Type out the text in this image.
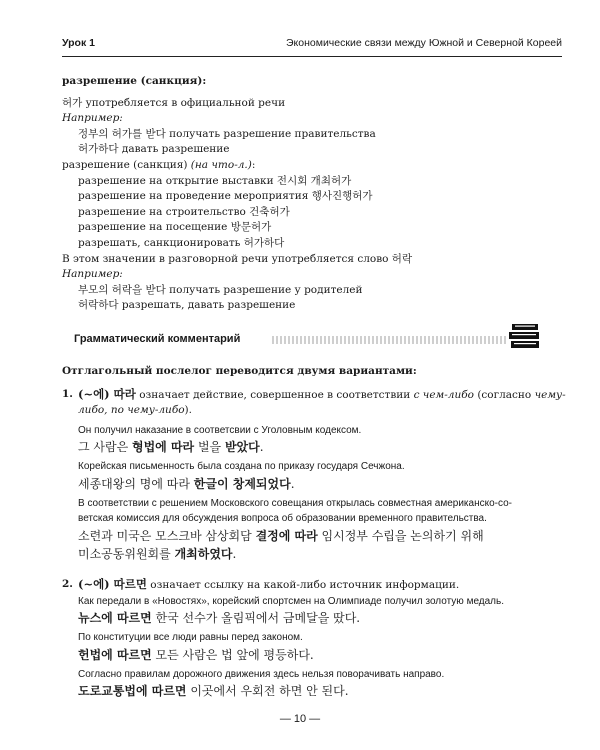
Урок 1	Экономические связи между Южной и Северной Кореей
разрешение (санкция):
허가 употребляется в официальной речи
Например:
정부의 허가를 받다 получать разрешение правительства
허가하다 давать разрешение
разрешение (санкция) (на что-л.):
разрешение на открытие выставки 전시회 개최허가
разрешение на проведение мероприятия 행사진행허가
разрешение на строительство 건축허가
разрешение на посещение 방문허가
разрешать, санкционировать 허가하다
В этом значении в разговорной речи употребляется слово 허락
Например:
부모의 허락을 받다 получать разрешение у родителей
허락하다 разрешать, давать разрешение
Грамматический комментарий
Отглагольный послелог переводится двумя вариантами:
1. (~에) 따라 означает действие, совершенное в соответствии с чем-либо (согласно чему-
либо, по чему-либо).
Он получил наказание в соответсвии с Уголовным кодексом.
그 사람은 형법에 따라 벌을 받았다.
Корейская письменность была создана по приказу государя Сечжона.
세종대왕의 명에 따라 한글이 창제되었다.
В соответствии с решением Московского совещания открылась совместная американско-со-
ветская комиссия для обсуждения вопроса об образовании временного правительства.
소련과 미국은 모스크바 삼상회담 결정에 따라 임시정부 수립을 논의하기 위해
미소공동위원회를 개최하였다.
2. (~에) 따르면 означает ссылку на какой-либо источник информации.
Как передали в «Новостях», корейский спортсмен на Олимпиаде получил золотую медаль.
뉴스에 따르면 한국 선수가 올림픽에서 금메달을 땄다.
По конституции все люди равны перед законом.
헌법에 따르면 모든 사람은 법 앞에 평등하다.
Согласно правилам дорожного движения здесь нельзя поворачивать направо.
도로교통법에 따르면 이곳에서 우회전 하면 안 된다.
— 10 —
